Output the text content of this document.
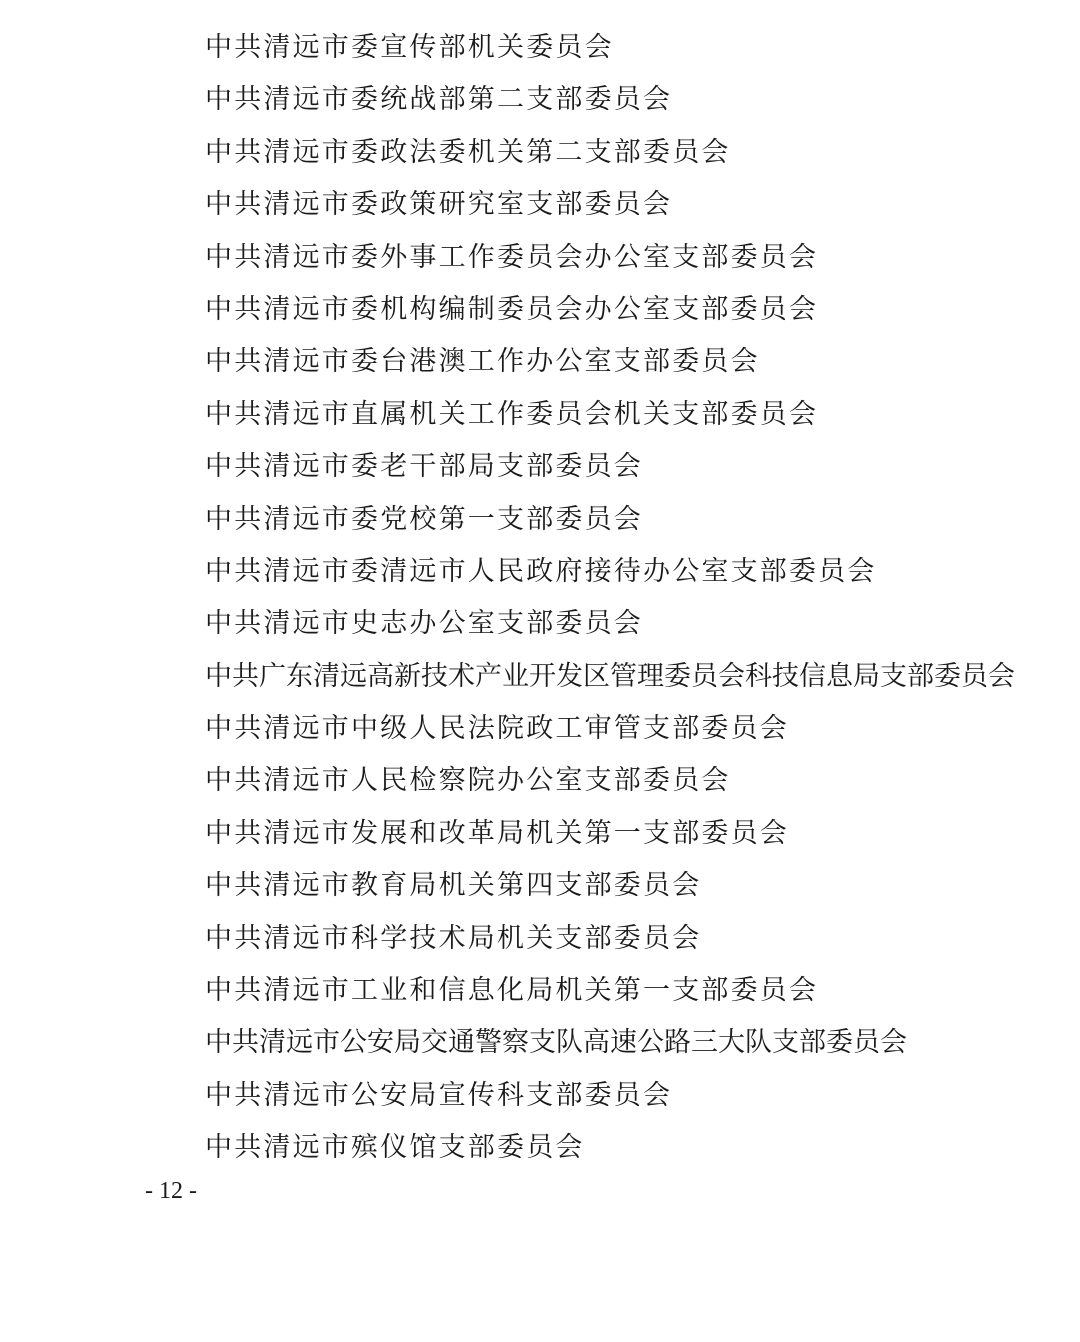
中共清远市委宣传部机关委员会
中共清远市委统战部第二支部委员会
中共清远市委政法委机关第二支部委员会
中共清远市委政策研究室支部委员会
中共清远市委外事工作委员会办公室支部委员会
中共清远市委机构编制委员会办公室支部委员会
中共清远市委台港澳工作办公室支部委员会
中共清远市直属机关工作委员会机关支部委员会
中共清远市委老干部局支部委员会
中共清远市委党校第一支部委员会
中共清远市委清远市人民政府接待办公室支部委员会
中共清远市史志办公室支部委员会
中共广东清远高新技术产业开发区管理委员会科技信息局支部委员会
中共清远市中级人民法院政工审管支部委员会
中共清远市人民检察院办公室支部委员会
中共清远市发展和改革局机关第一支部委员会
中共清远市教育局机关第四支部委员会
中共清远市科学技术局机关支部委员会
中共清远市工业和信息化局机关第一支部委员会
中共清远市公安局交通警察支队高速公路三大队支部委员会
中共清远市公安局宣传科支部委员会
中共清远市殡仪馆支部委员会
- 12 -
